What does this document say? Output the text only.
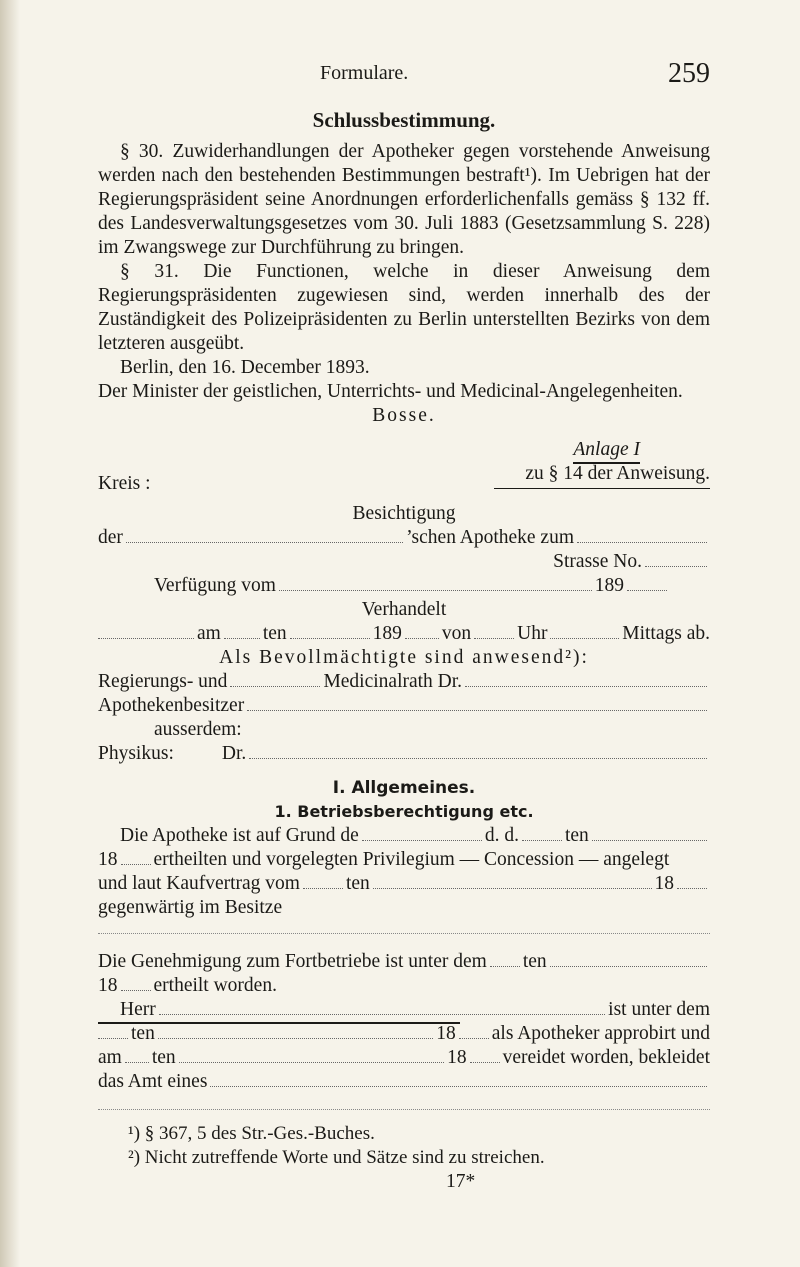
Formulare.	259

Schlussbestimmung.

§ 30. Zuwiderhandlungen der Apotheker gegen vorstehende Anweisung werden nach den bestehenden Bestimmungen bestraft¹). Im Uebrigen hat der Regierungspräsident seine Anordnungen erforderlichenfalls gemäss § 132 ff. des Landesverwaltungsgesetzes vom 30. Juli 1883 (Gesetzsammlung S. 228) im Zwangswege zur Durchführung zu bringen.

§ 31. Die Functionen, welche in dieser Anweisung dem Regierungspräsidenten zugewiesen sind, werden innerhalb des der Zuständigkeit des Polizeipräsidenten zu Berlin unterstellten Bezirks von dem letzteren ausgeübt.

Berlin, den 16. December 1893.

Der Minister der geistlichen, Unterrichts- und Medicinal-Angelegenheiten.

Bosse.

Anlage I
zu § 14 der Anweisung.
Kreis :

Besichtigung

der	’schen Apotheke zum
Strasse No.
Verfügung vom	189

Verhandelt

am ten	189 von Uhr	Mittags ab.

Als Bevollmächtigte sind anwesend²):

Regierungs- und	Medicinalrath Dr.
Apothekenbesitzer

ausserdem:

Physikus: Dr.

I. Allgemeines.

1. Betriebsberechtigung etc.

Die Apotheke ist auf Grund de	d. d. ten
18 ertheilten und vorgelegten Privilegium — Concession — angelegt
und laut Kaufvertrag vom ten	18

gegenwärtig im Besitze

Die Genehmigung zum Fortbetriebe ist unter dem ten
18 ertheilt worden.
Herr	ist unter dem
ten	18 als Apotheker approbirt und
am ten	18 vereidet worden, bekleidet
das Amt eines

¹) § 367, 5 des Str.-Ges.-Buches.

²) Nicht zutreffende Worte und Sätze sind zu streichen.

17*
